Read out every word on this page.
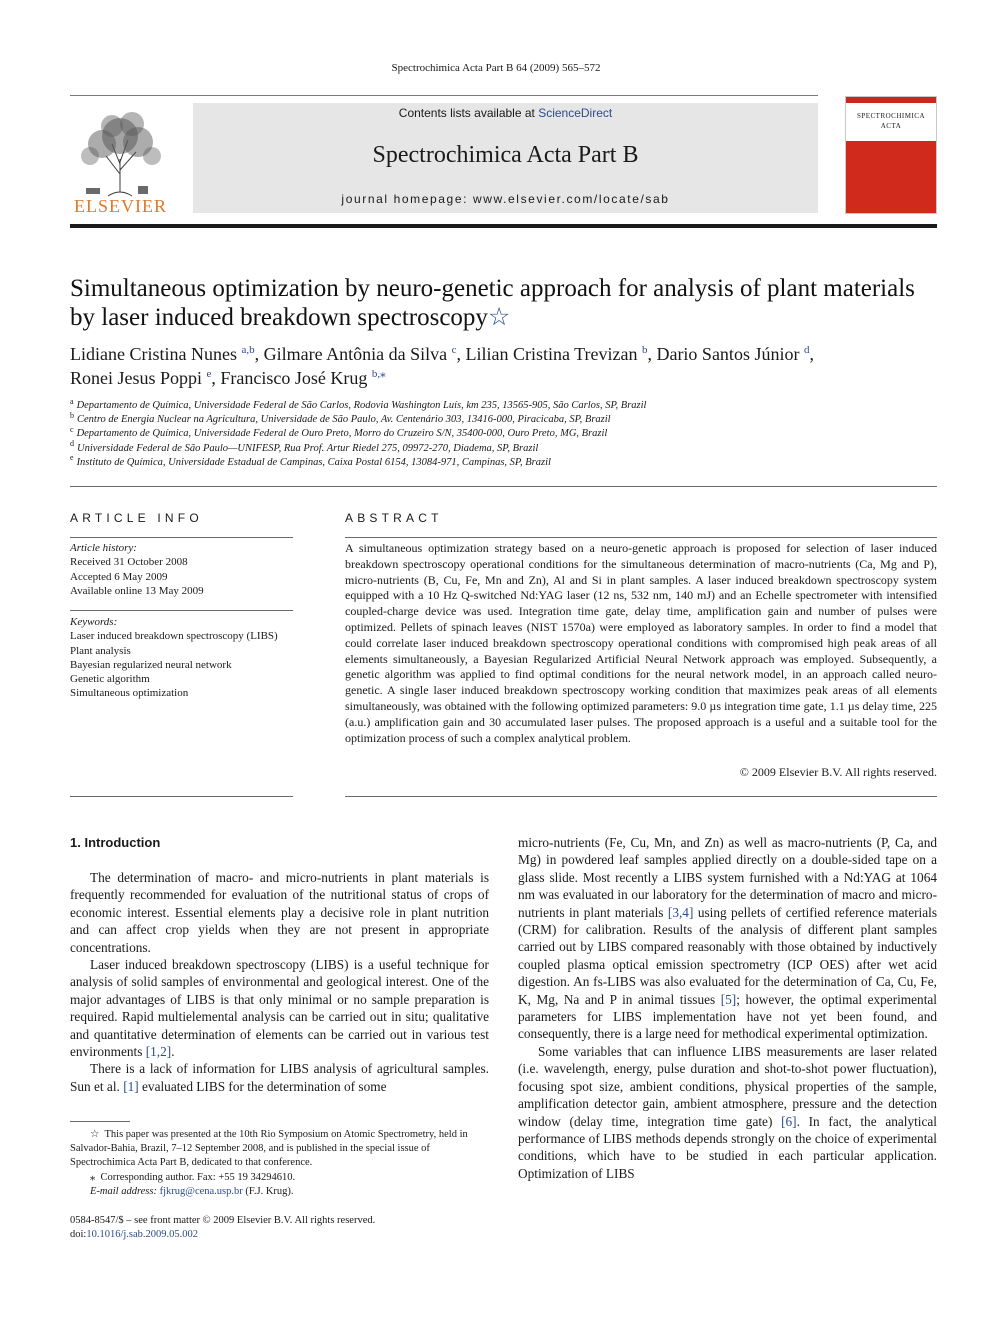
Spectrochimica Acta Part B 64 (2009) 565–572
ELSEVIER
Contents lists available at ScienceDirect
Spectrochimica Acta Part B
journal homepage: www.elsevier.com/locate/sab
SPECTROCHIMICA
ACTA
Simultaneous optimization by neuro-genetic approach for analysis of plant materials by laser induced breakdown spectroscopy☆
Lidiane Cristina Nunes $^{a,b}$, Gilmare Antônia da Silva $^c$, Lilian Cristina Trevizan $^b$, Dario Santos Júnior $^d$,
Ronei Jesus Poppi $^e$, Francisco José Krug $^{b,⁎}$
$^a$ Departamento de Química, Universidade Federal de São Carlos, Rodovia Washington Luís, km 235, 13565-905, São Carlos, SP, Brazil
$^b$ Centro de Energia Nuclear na Agricultura, Universidade de São Paulo, Av. Centenário 303, 13416-000, Piracicaba, SP, Brazil
$^c$ Departamento de Química, Universidade Federal de Ouro Preto, Morro do Cruzeiro S/N, 35400-000, Ouro Preto, MG, Brazil
$^d$ Universidade Federal de São Paulo—UNIFESP, Rua Prof. Artur Riedel 275, 09972-270, Diadema, SP, Brazil
$^e$ Instituto de Química, Universidade Estadual de Campinas, Caixa Postal 6154, 13084-971, Campinas, SP, Brazil
ARTICLE INFO
Article history:
Received 31 October 2008
Accepted 6 May 2009
Available online 13 May 2009
Keywords:
Laser induced breakdown spectroscopy (LIBS)
Plant analysis
Bayesian regularized neural network
Genetic algorithm
Simultaneous optimization
ABSTRACT
A simultaneous optimization strategy based on a neuro-genetic approach is proposed for selection of laser induced breakdown spectroscopy operational conditions for the simultaneous determination of macro-nutrients (Ca, Mg and P), micro-nutrients (B, Cu, Fe, Mn and Zn), Al and Si in plant samples. A laser induced breakdown spectroscopy system equipped with a 10 Hz Q-switched Nd:YAG laser (12 ns, 532 nm, 140 mJ) and an Echelle spectrometer with intensified coupled-charge device was used. Integration time gate, delay time, amplification gain and number of pulses were optimized. Pellets of spinach leaves (NIST 1570a) were employed as laboratory samples. In order to find a model that could correlate laser induced breakdown spectroscopy operational conditions with compromised high peak areas of all elements simultaneously, a Bayesian Regularized Artificial Neural Network approach was employed. Subsequently, a genetic algorithm was applied to find optimal conditions for the neural network model, in an approach called neuro-genetic. A single laser induced breakdown spectroscopy working condition that maximizes peak areas of all elements simultaneously, was obtained with the following optimized parameters: 9.0 µs integration time gate, 1.1 µs delay time, 225 (a.u.) amplification gain and 30 accumulated laser pulses. The proposed approach is a useful and a suitable tool for the optimization process of such a complex analytical problem.
© 2009 Elsevier B.V. All rights reserved.
1. Introduction

The determination of macro- and micro-nutrients in plant materials is frequently recommended for evaluation of the nutritional status of crops of economic interest. Essential elements play a decisive role in plant nutrition and can affect crop yields when they are not present in appropriate concentrations.

Laser induced breakdown spectroscopy (LIBS) is a useful technique for analysis of solid samples of environmental and geological interest. One of the major advantages of LIBS is that only minimal or no sample preparation is required. Rapid multielemental analysis can be carried out in situ; qualitative and quantitative determination of elements can be carried out in various test environments [1,2].

There is a lack of information for LIBS analysis of agricultural samples. Sun et al. [1] evaluated LIBS for the determination of some

micro-nutrients (Fe, Cu, Mn, and Zn) as well as macro-nutrients (P, Ca, and Mg) in powdered leaf samples applied directly on a double-sided tape on a glass slide. Most recently a LIBS system furnished with a Nd:YAG at 1064 nm was evaluated in our laboratory for the determination of macro and micro-nutrients in plant materials [3,4] using pellets of certified reference materials (CRM) for calibration. Results of the analysis of different plant samples carried out by LIBS compared reasonably with those obtained by inductively coupled plasma optical emission spectrometry (ICP OES) after wet acid digestion. An fs-LIBS was also evaluated for the determination of Ca, Cu, Fe, K, Mg, Na and P in animal tissues [5]; however, the optimal experimental parameters for LIBS implementation have not yet been found, and consequently, there is a large need for methodical experimental optimization.

Some variables that can influence LIBS measurements are laser related (i.e. wavelength, energy, pulse duration and shot-to-shot power fluctuation), focusing spot size, ambient conditions, physical properties of the sample, amplification detector gain, ambient atmosphere, pressure and the detection window (delay time, integration time gate) [6]. In fact, the analytical performance of LIBS methods depends strongly on the choice of experimental conditions, which have to be studied in each particular application. Optimization of LIBS

☆ This paper was presented at the 10th Rio Symposium on Atomic Spectrometry, held in Salvador-Bahia, Brazil, 7–12 September 2008, and is published in the special issue of Spectrochimica Acta Part B, dedicated to that conference.
⁎  Corresponding author. Fax: +55 19 34294610.
E-mail address: fjkrug@cena.usp.br (F.J. Krug).
0584-8547/$ – see front matter © 2009 Elsevier B.V. All rights reserved.
doi:10.1016/j.sab.2009.05.002
